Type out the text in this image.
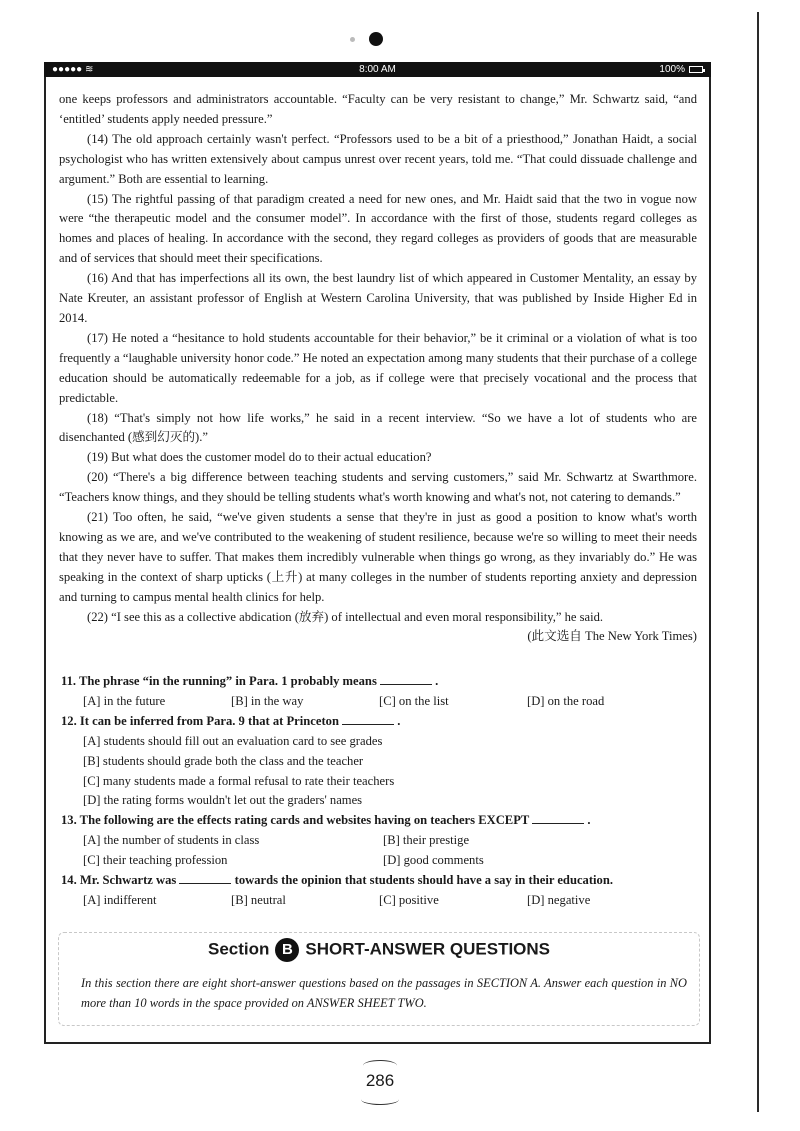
●●●●● ≋	8:00 AM	100%

one keeps professors and administrators accountable. “Faculty can be very resistant to change,” Mr. Schwartz said, “and ‘entitled’ students apply needed pressure.”

(14) The old approach certainly wasn't perfect. “Professors used to be a bit of a priesthood,” Jonathan Haidt, a social psychologist who has written extensively about campus unrest over recent years, told me. “That could dissuade challenge and argument.” Both are essential to learning.

(15) The rightful passing of that paradigm created a need for new ones, and Mr. Haidt said that the two in vogue now were “the therapeutic model and the consumer model”. In accordance with the first of those, students regard colleges as homes and places of healing. In accordance with the second, they regard colleges as providers of goods that are measurable and of services that should meet their specifications.

(16) And that has imperfections all its own, the best laundry list of which appeared in Customer Mentality, an essay by Nate Kreuter, an assistant professor of English at Western Carolina University, that was published by Inside Higher Ed in 2014.

(17) He noted a “hesitance to hold students accountable for their behavior,” be it criminal or a violation of what is too frequently a “laughable university honor code.” He noted an expectation among many students that their purchase of a college education should be automatically redeemable for a job, as if college were that precisely vocational and the process that predictable.

(18) “That's simply not how life works,” he said in a recent interview. “So we have a lot of students who are disenchanted (感到幻灭的).”

(19) But what does the customer model do to their actual education?

(20) “There's a big difference between teaching students and serving customers,” said Mr. Schwartz at Swarthmore. “Teachers know things, and they should be telling students what's worth knowing and what's not, not catering to demands.”

(21) Too often, he said, “we've given students a sense that they're in just as good a position to know what's worth knowing as we are, and we've contributed to the weakening of student resilience, because we're so willing to meet their needs that they never have to suffer. That makes them incredibly vulnerable when things go wrong, as they invariably do.” He was speaking in the context of sharp upticks (上升) at many colleges in the number of students reporting anxiety and depression and turning to campus mental health clinics for help.

(22) “I see this as a collective abdication (放弃) of intellectual and even moral responsibility,” he said.

(此文选自 The New York Times)

11. The phrase “in the running” in Para. 1 probably means	.

[A] in the future	[B] in the way	[C] on the list	[D] on the road

12. It can be inferred from Para. 9 that at Princeton	.

[A] students should fill out an evaluation card to see grades
[B] students should grade both the class and the teacher
[C] many students made a formal refusal to rate their teachers
[D] the rating forms wouldn't let out the graders' names

13. The following are the effects rating cards and websites having on teachers EXCEPT	.

[A] the number of students in class	[B] their prestige
[C] their teaching profession	[D] good comments

14. Mr. Schwartz was	towards the opinion that students should have a say in their education.

[A] indifferent	[B] neutral	[C] positive	[D] negative
Section B SHORT-ANSWER QUESTIONS

In this section there are eight short-answer questions based on the passages in SECTION A. Answer each question in NO more than 10 words in the space provided on ANSWER SHEET TWO.

286
